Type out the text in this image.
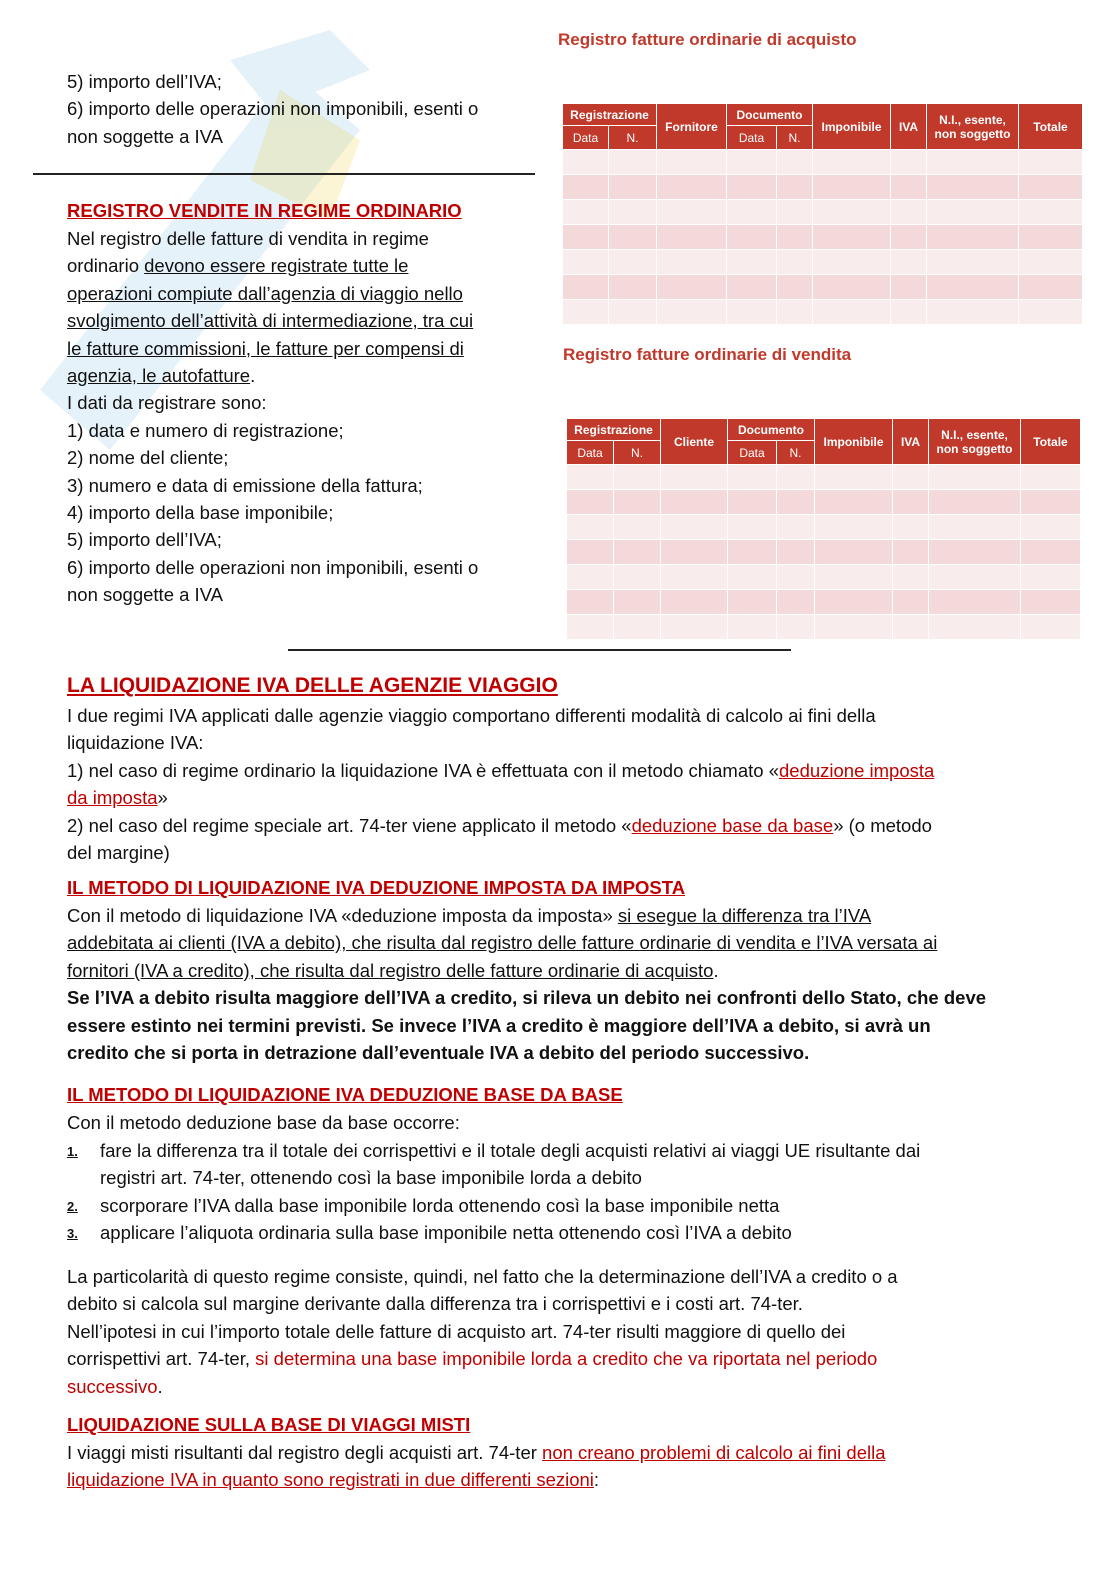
5) importo dell’IVA;
6) importo delle operazioni non imponibili, esenti o
non soggette a IVA
REGISTRO VENDITE IN REGIME ORDINARIO
Nel registro delle fatture di vendita in regime
ordinario devono essere registrate tutte le
operazioni compiute dall’agenzia di viaggio nello
svolgimento dell’attività di intermediazione, tra cui
le fatture commissioni, le fatture per compensi di
agenzia, le autofatture.
I dati da registrare sono:
1) data e numero di registrazione;
2) nome del cliente;
3) numero e data di emissione della fattura;
4) importo della base imponibile;
5) importo dell’IVA;
6) importo delle operazioni non imponibili, esenti o
non soggette a IVA
Registro fatture ordinarie di acquisto
Registrazione		Fornitore	Documento		Imponibile	IVA	N.I., esente,
non soggetto	Totale
Data	N.		Data	N.				

Registro fatture ordinarie di vendita
Registrazione		Cliente	Documento		Imponibile	IVA	N.I., esente,
non soggetto	Totale
Data	N.		Data	N.				

LA LIQUIDAZIONE IVA DELLE AGENZIE VIAGGIO
I due regimi IVA applicati dalle agenzie viaggio comportano differenti modalità di calcolo ai fini della
liquidazione IVA:
1) nel caso di regime ordinario la liquidazione IVA è effettuata con il metodo chiamato «deduzione imposta
da imposta»
2) nel caso del regime speciale art. 74-ter viene applicato il metodo «deduzione base da base» (o metodo
del margine)
IL METODO DI LIQUIDAZIONE IVA DEDUZIONE IMPOSTA DA IMPOSTA
Con il metodo di liquidazione IVA «deduzione imposta da imposta» si esegue la differenza tra l’IVA
addebitata ai clienti (IVA a debito), che risulta dal registro delle fatture ordinarie di vendita e l’IVA versata ai
fornitori (IVA a credito), che risulta dal registro delle fatture ordinarie di acquisto.
Se l’IVA a debito risulta maggiore dell’IVA a credito, si rileva un debito nei confronti dello Stato, che deve
essere estinto nei termini previsti. Se invece l’IVA a credito è maggiore dell’IVA a debito, si avrà un
credito che si porta in detrazione dall’eventuale IVA a debito del periodo successivo.
IL METODO DI LIQUIDAZIONE IVA DEDUZIONE BASE DA BASE
Con il metodo deduzione base da base occorre:
1. fare la differenza tra il totale dei corrispettivi e il totale degli acquisti relativi ai viaggi UE risultante dai
registri art. 74-ter, ottenendo così la base imponibile lorda a debito
2. scorporare l’IVA dalla base imponibile lorda ottenendo così la base imponibile netta
3. applicare l’aliquota ordinaria sulla base imponibile netta ottenendo così l’IVA a debito
La particolarità di questo regime consiste, quindi, nel fatto che la determinazione dell’IVA a credito o a
debito si calcola sul margine derivante dalla differenza tra i corrispettivi e i costi art. 74-ter.
Nell’ipotesi in cui l’importo totale delle fatture di acquisto art. 74-ter risulti maggiore di quello dei
corrispettivi art. 74-ter, si determina una base imponibile lorda a credito che va riportata nel periodo
successivo.
LIQUIDAZIONE SULLA BASE DI VIAGGI MISTI
I viaggi misti risultanti dal registro degli acquisti art. 74-ter non creano problemi di calcolo ai fini della
liquidazione IVA in quanto sono registrati in due differenti sezioni:
